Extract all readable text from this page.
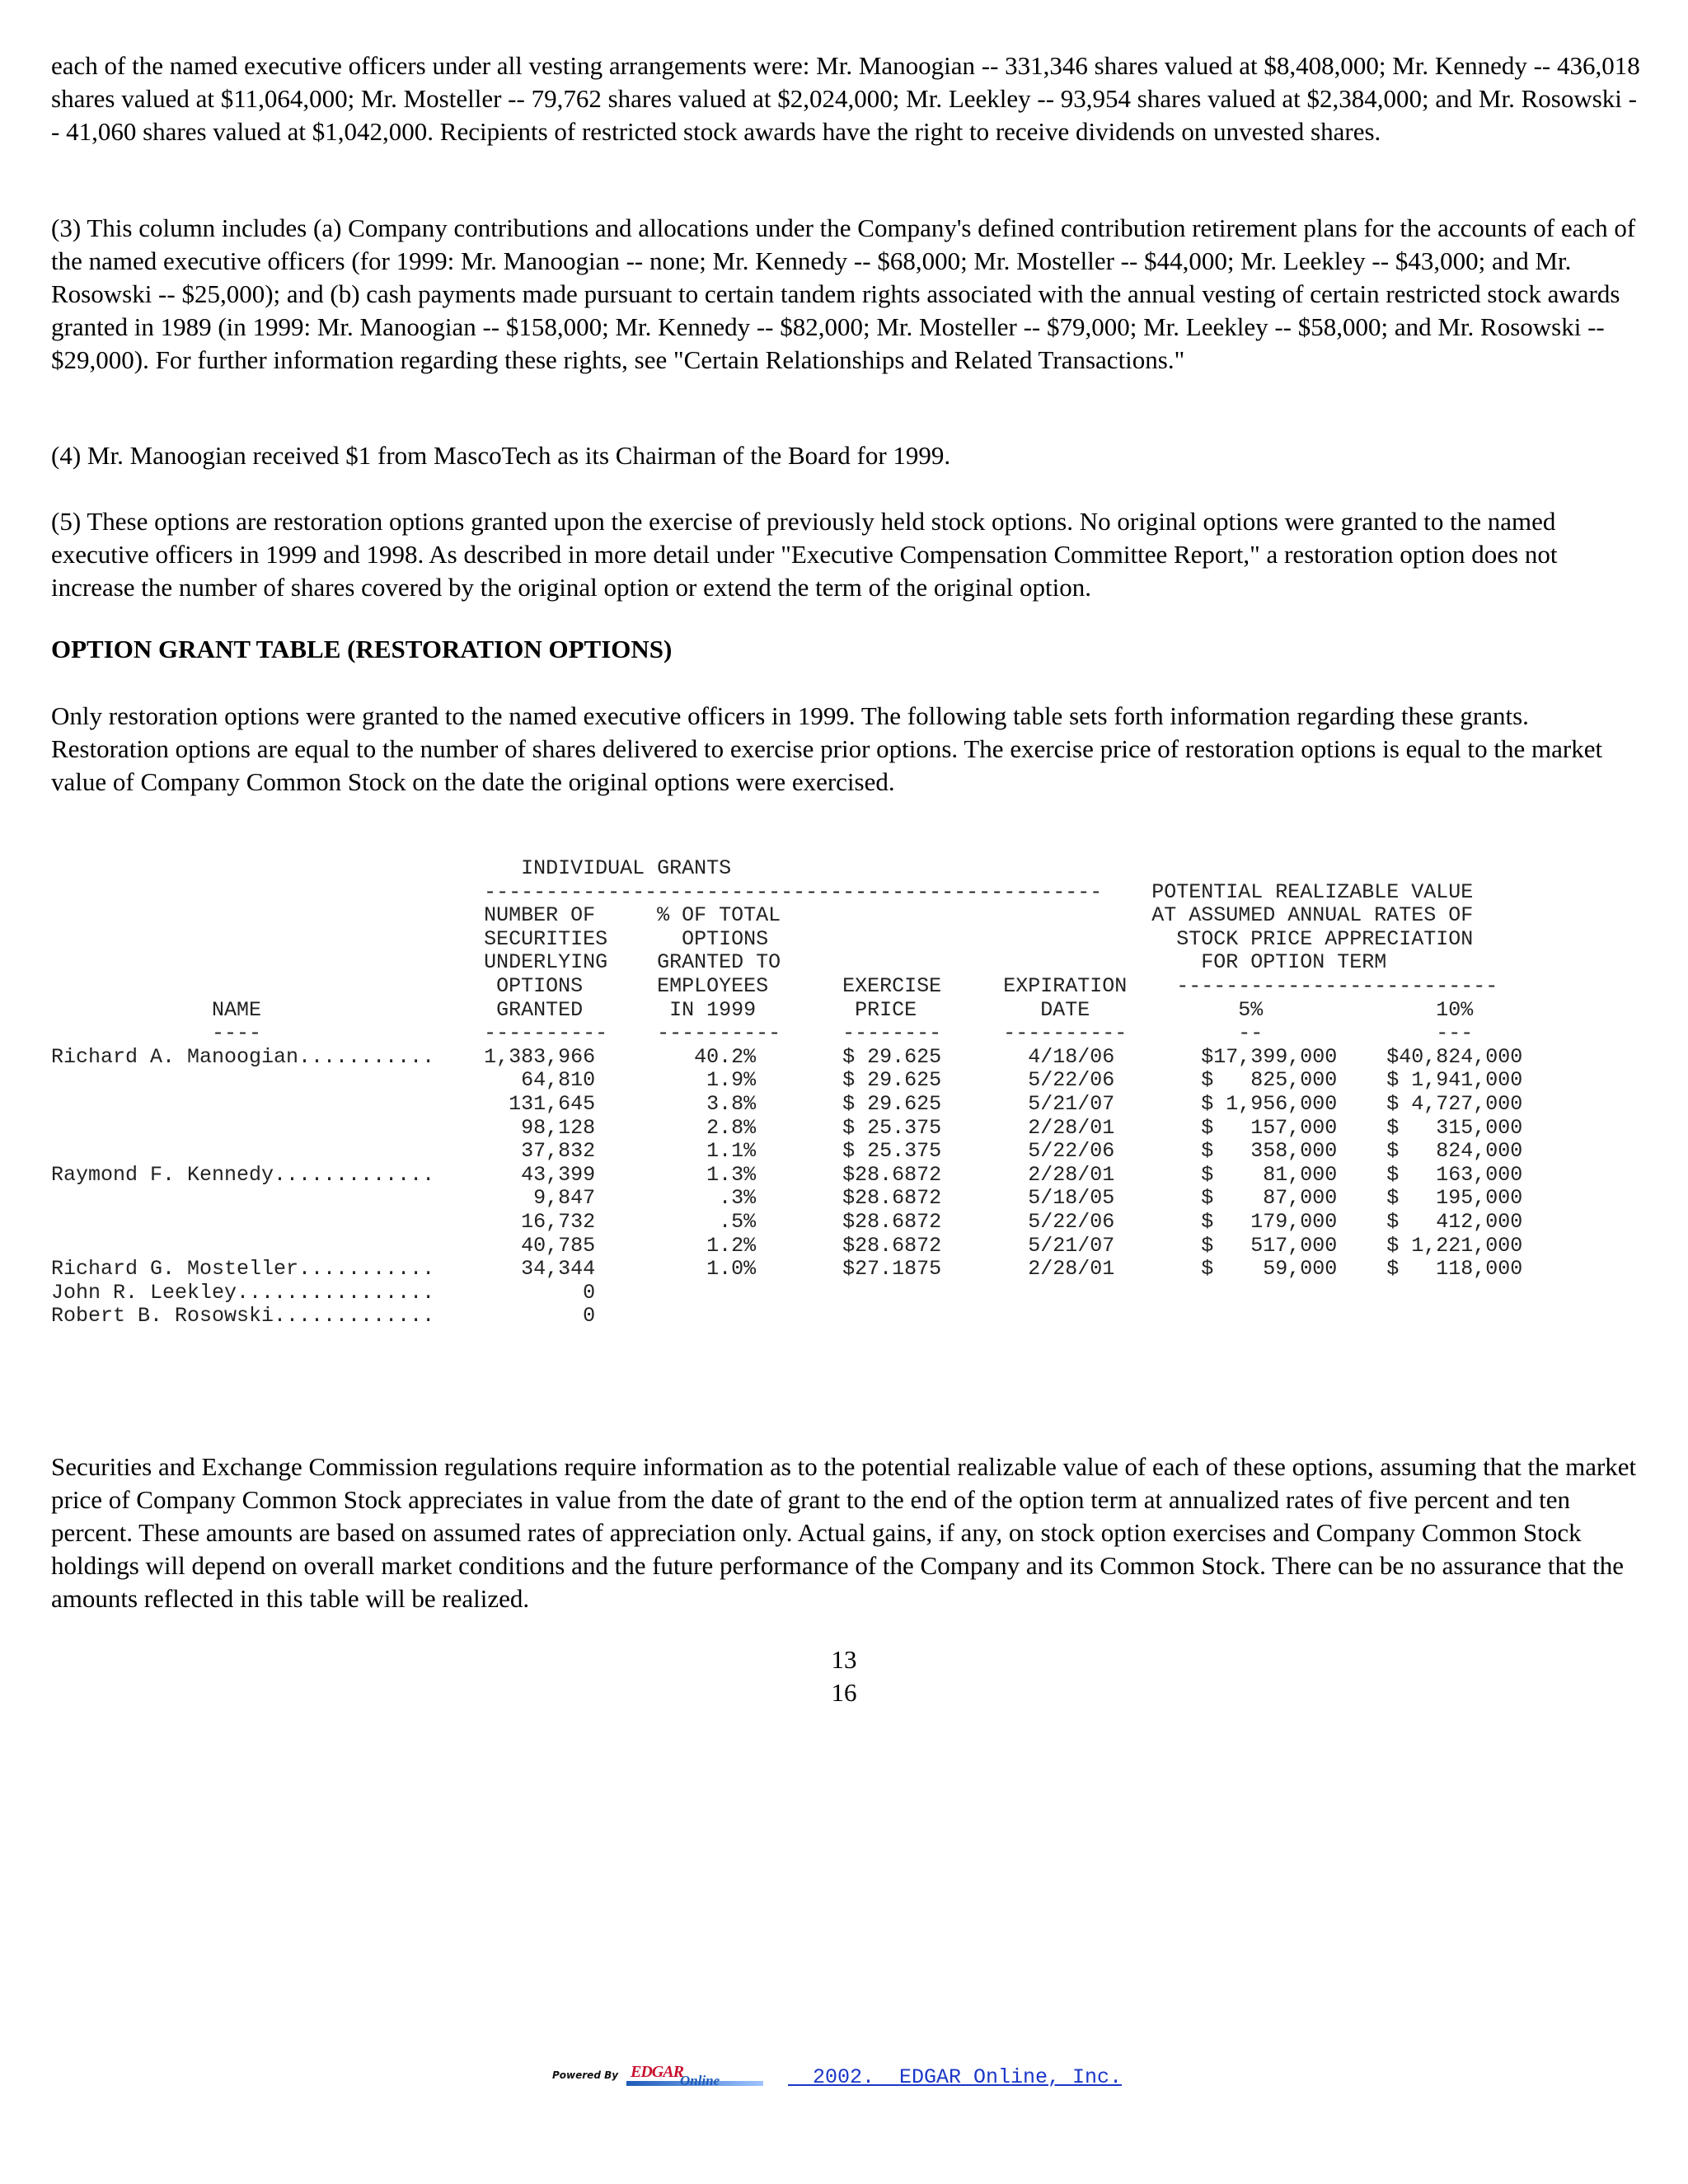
each of the named executive officers under all vesting arrangements were: Mr. Manoogian -- 331,346 shares valued at $8,408,000; Mr. Kennedy -- 436,018 shares valued at $11,064,000; Mr. Mosteller -- 79,762 shares valued at $2,024,000; Mr. Leekley -- 93,954 shares valued at $2,384,000; and Mr. Rosowski -- 41,060 shares valued at $1,042,000. Recipients of restricted stock awards have the right to receive dividends on unvested shares.

(3) This column includes (a) Company contributions and allocations under the Company's defined contribution retirement plans for the accounts of each of the named executive officers (for 1999: Mr. Manoogian -- none; Mr. Kennedy -- $68,000; Mr. Mosteller -- $44,000; Mr. Leekley -- $43,000; and Mr. Rosowski -- $25,000); and (b) cash payments made pursuant to certain tandem rights associated with the annual vesting of certain restricted stock awards granted in 1989 (in 1999: Mr. Manoogian -- $158,000; Mr. Kennedy -- $82,000; Mr. Mosteller -- $79,000; Mr. Leekley -- $58,000; and Mr. Rosowski -- $29,000). For further information regarding these rights, see "Certain Relationships and Related Transactions."

(4) Mr. Manoogian received $1 from MascoTech as its Chairman of the Board for 1999.

(5) These options are restoration options granted upon the exercise of previously held stock options. No original options were granted to the named executive officers in 1999 and 1998. As described in more detail under "Executive Compensation Committee Report," a restoration option does not increase the number of shares covered by the original option or extend the term of the original option.

OPTION GRANT TABLE (RESTORATION OPTIONS)

Only restoration options were granted to the named executive officers in 1999. The following table sets forth information regarding these grants. Restoration options are equal to the number of shares delivered to exercise prior options. The exercise price of restoration options is equal to the market value of Company Common Stock on the date the original options were exercised.

INDIVIDUAL GRANTS
--------------------------------------------------    POTENTIAL REALIZABLE VALUE
NUMBER OF     % OF TOTAL                              AT ASSUMED ANNUAL RATES OF
SECURITIES      OPTIONS                                 STOCK PRICE APPRECIATION
UNDERLYING    GRANTED TO                                  FOR OPTION TERM
OPTIONS      EMPLOYEES      EXERCISE     EXPIRATION    --------------------------
NAME                   GRANTED       IN 1999        PRICE          DATE            5%              10%
----                  ----------    ----------     --------     ----------         --              ---
Richard A. Manoogian...........    1,383,966        40.2%       $ 29.625       4/18/06       $17,399,000    $40,824,000
64,810         1.9%       $ 29.625       5/22/06       $   825,000    $ 1,941,000
131,645         3.8%       $ 29.625       5/21/07       $ 1,956,000    $ 4,727,000
98,128         2.8%       $ 25.375       2/28/01       $   157,000    $   315,000
37,832         1.1%       $ 25.375       5/22/06       $   358,000    $   824,000
Raymond F. Kennedy.............       43,399         1.3%       $28.6872       2/28/01       $    81,000    $   163,000
9,847          .3%       $28.6872       5/18/05       $    87,000    $   195,000
16,732          .5%       $28.6872       5/22/06       $   179,000    $   412,000
40,785         1.2%       $28.6872       5/21/07       $   517,000    $ 1,221,000
Richard G. Mosteller...........       34,344         1.0%       $27.1875       2/28/01       $    59,000    $   118,000
John R. Leekley................            0
Robert B. Rosowski.............            0

Securities and Exchange Commission regulations require information as to the potential realizable value of each of these options, assuming that the market price of Company Common Stock appreciates in value from the date of grant to the end of the option term at annualized rates of five percent and ten percent. These amounts are based on assumed rates of appreciation only. Actual gains, if any, on stock option exercises and Company Common Stock holdings will depend on overall market conditions and the future performance of the Company and its Common Stock. There can be no assurance that the amounts reflected in this table will be realized.

13
16
Powered By EDGAR
Online	2002.  EDGAR Online, Inc.
